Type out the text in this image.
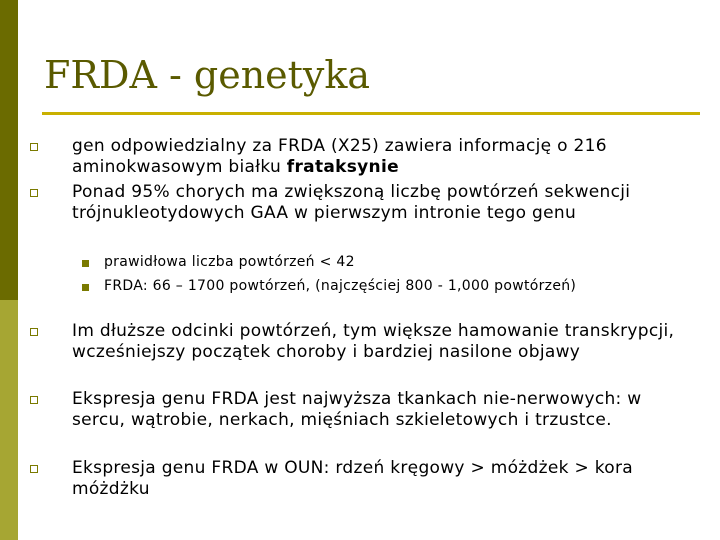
FRDA - genetyka
gen odpowiedzialny za FRDA (X25) zawiera informację o 216 aminokwasowym białku frataksynie
Ponad 95% chorych ma zwiększoną liczbę powtórzeń sekwencji trójnukleotydowych GAA w pierwszym intronie tego genu
prawidłowa liczba powtórzeń < 42
FRDA: 66 – 1700 powtórzeń, (najczęściej 800 - 1,000 powtórzeń)
Im dłuższe odcinki powtórzeń, tym większe hamowanie transkrypcji, wcześniejszy początek choroby i bardziej nasilone objawy
Ekspresja genu FRDA jest najwyższa tkankach nie-nerwowych: w sercu, wątrobie, nerkach, mięśniach szkieletowych i trzustce.
Ekspresja genu FRDA w OUN: rdzeń kręgowy > móżdżek > kora móżdżku
